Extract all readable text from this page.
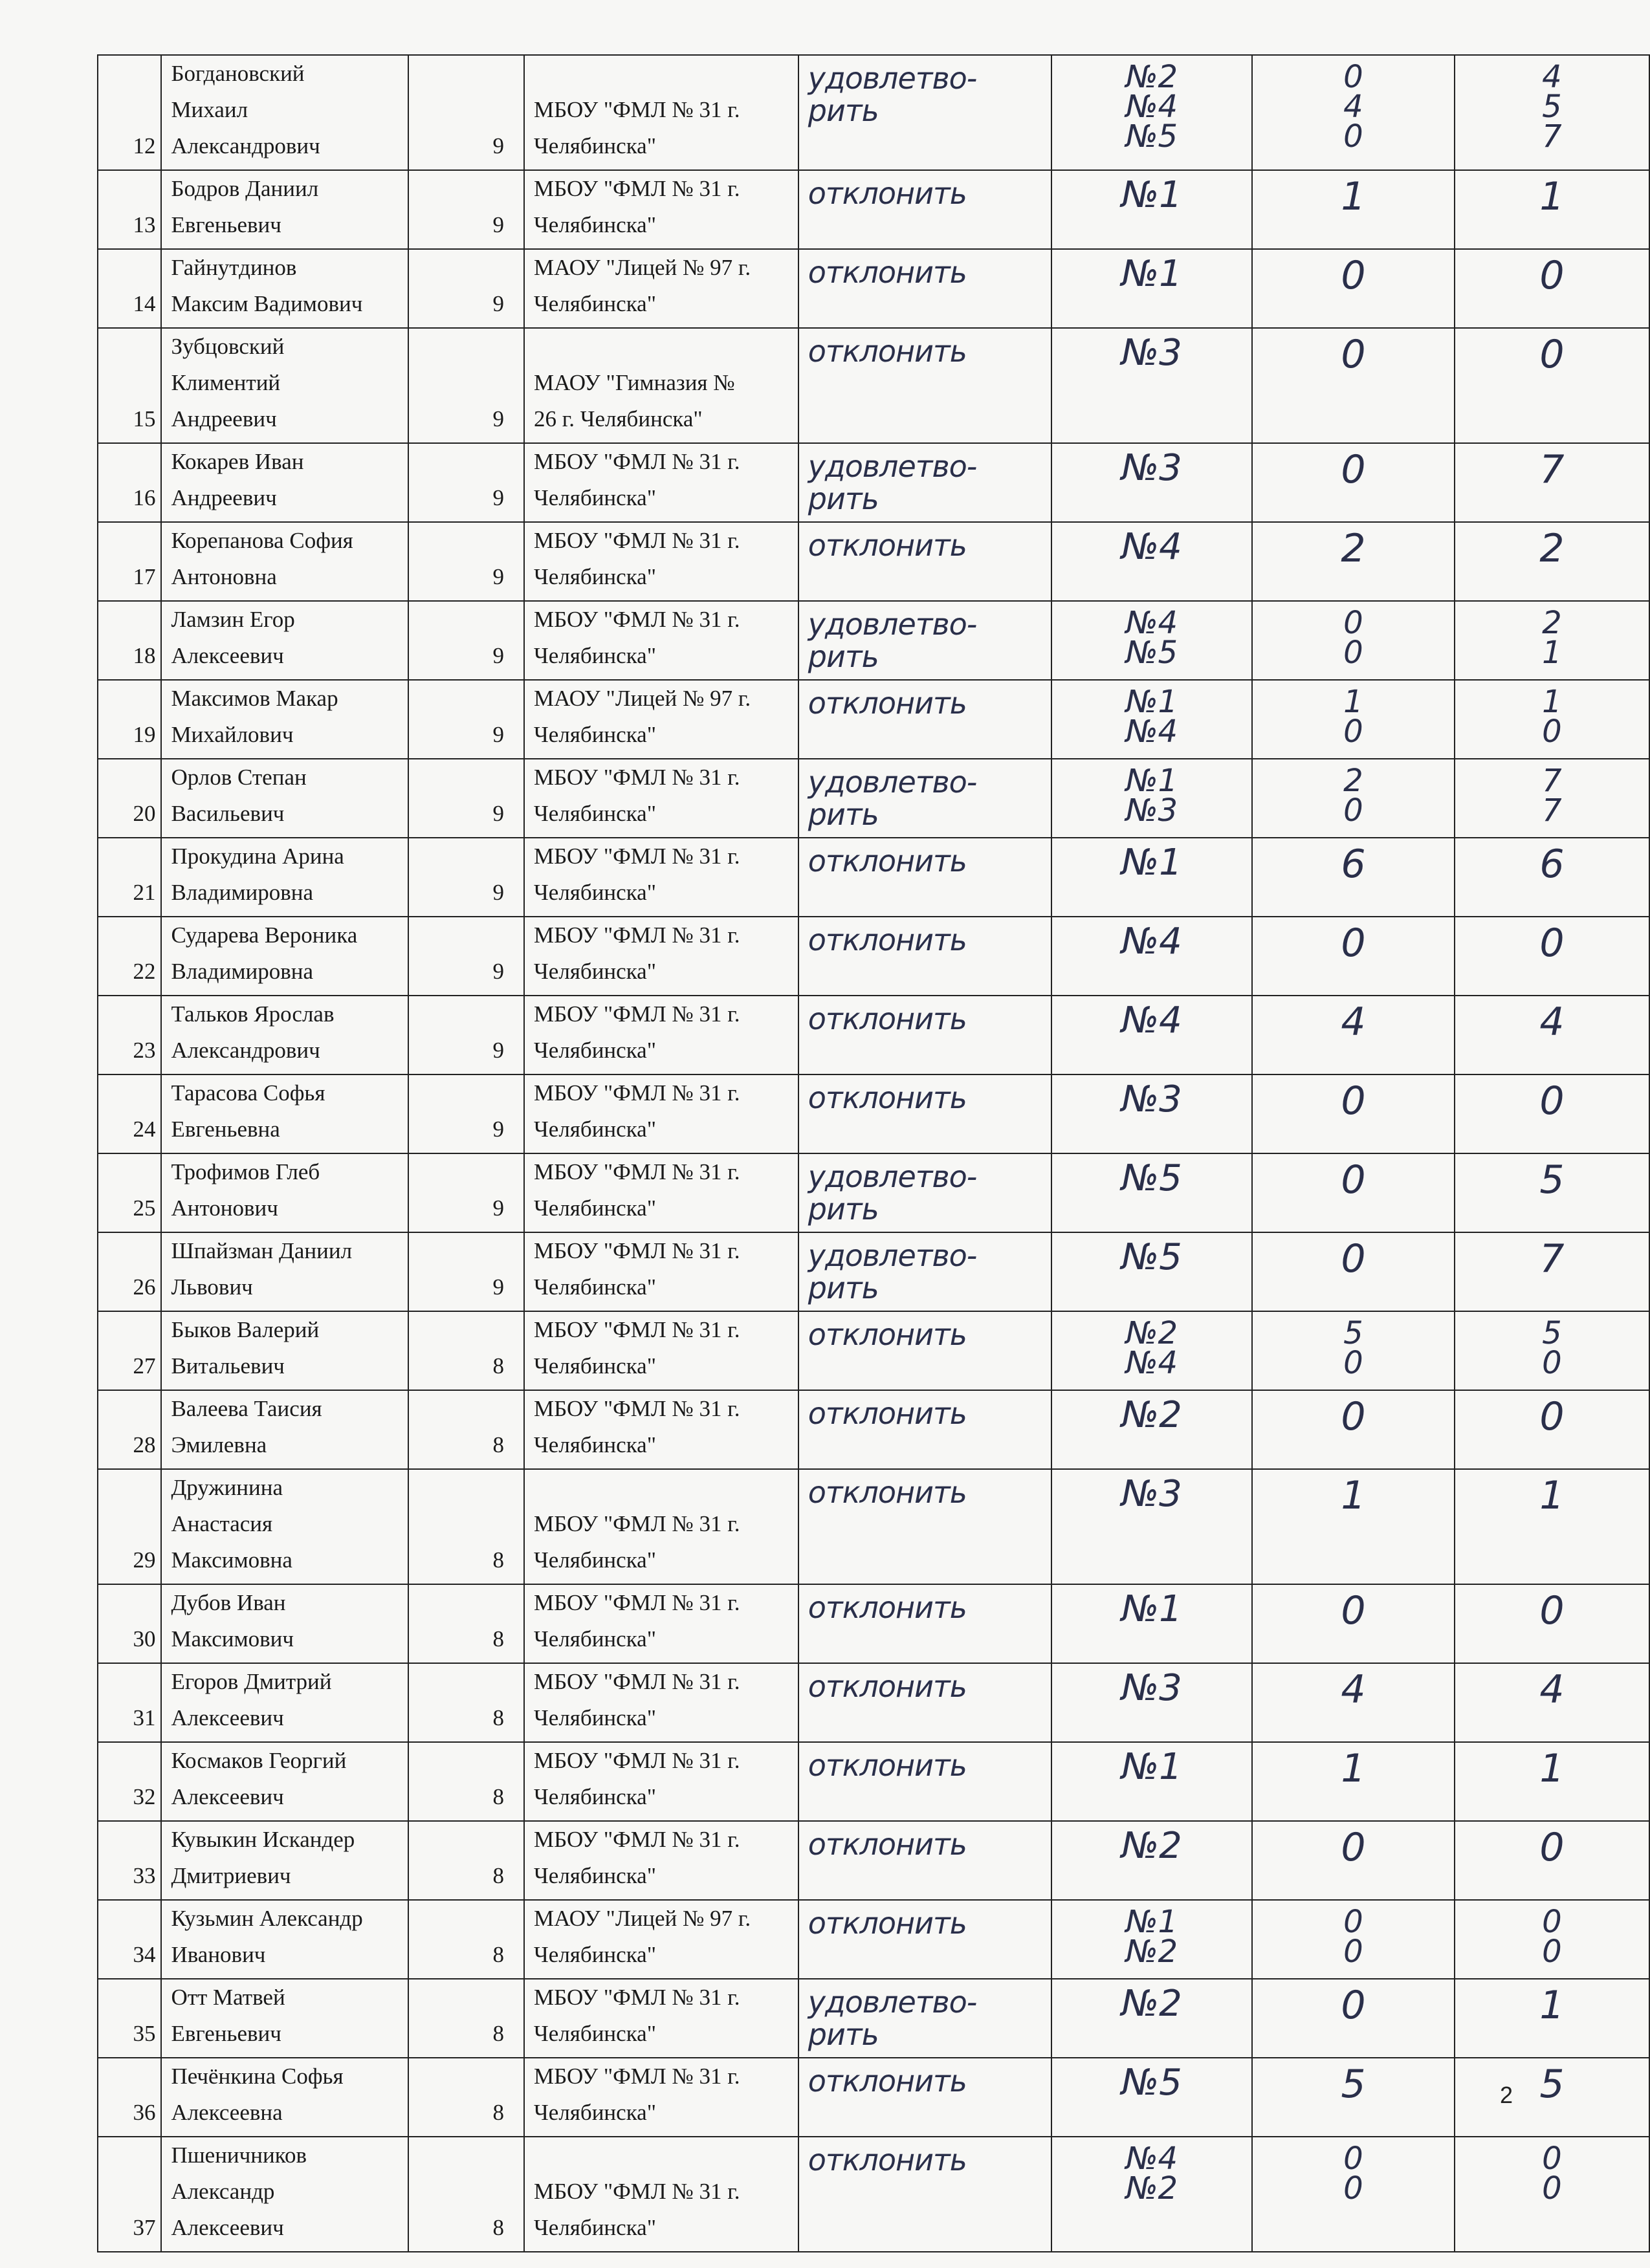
12	Богдановский
Михаил
Александрович	9	МБОУ "ФМЛ № 31 г.
Челябинска"	удовлетво-
рить	№2
№4
№5	0
4
0	4
5
7

13	Бодров Даниил
Евгеньевич	9	МБОУ "ФМЛ № 31 г.
Челябинска"	отклонить	№1	1	1

14	Гайнутдинов
Максим Вадимович	9	МАОУ "Лицей № 97 г.
Челябинска"	отклонить	№1	0	0

15	Зубцовский
Климентий
Андреевич	9	МАОУ "Гимназия №
26 г. Челябинска"	отклонить	№3	0	0

16	Кокарев Иван
Андреевич	9	МБОУ "ФМЛ № 31 г.
Челябинска"	удовлетво-
рить	№3	0	7

17	Корепанова София
Антоновна	9	МБОУ "ФМЛ № 31 г.
Челябинска"	отклонить	№4	2	2

18	Ламзин Егор
Алексеевич	9	МБОУ "ФМЛ № 31 г.
Челябинска"	удовлетво-
рить	№4
№5	0
0	2
1

19	Максимов Макар
Михайлович	9	МАОУ "Лицей № 97 г.
Челябинска"	отклонить	№1
№4	1
0	1
0

20	Орлов Степан
Васильевич	9	МБОУ "ФМЛ № 31 г.
Челябинска"	удовлетво-
рить	№1
№3	2
0	7
7

21	Прокудина Арина
Владимировна	9	МБОУ "ФМЛ № 31 г.
Челябинска"	отклонить	№1	6	6

22	Сударева Вероника
Владимировна	9	МБОУ "ФМЛ № 31 г.
Челябинска"	отклонить	№4	0	0

23	Тальков Ярослав
Александрович	9	МБОУ "ФМЛ № 31 г.
Челябинска"	отклонить	№4	4	4

24	Тарасова Софья
Евгеньевна	9	МБОУ "ФМЛ № 31 г.
Челябинска"	отклонить	№3	0	0

25	Трофимов Глеб
Антонович	9	МБОУ "ФМЛ № 31 г.
Челябинска"	удовлетво-
рить	№5	0	5

26	Шпайзман Даниил
Львович	9	МБОУ "ФМЛ № 31 г.
Челябинска"	удовлетво-
рить	№5	0	7

27	Быков Валерий
Витальевич	8	МБОУ "ФМЛ № 31 г.
Челябинска"	отклонить	№2
№4	5
0	5
0

28	Валеева Таисия
Эмилевна	8	МБОУ "ФМЛ № 31 г.
Челябинска"	отклонить	№2	0	0

29	Дружинина
Анастасия
Максимовна	8	МБОУ "ФМЛ № 31 г.
Челябинска"	отклонить	№3	1	1

30	Дубов Иван
Максимович	8	МБОУ "ФМЛ № 31 г.
Челябинска"	отклонить	№1	0	0

31	Егоров Дмитрий
Алексеевич	8	МБОУ "ФМЛ № 31 г.
Челябинска"	отклонить	№3	4	4

32	Космаков Георгий
Алексеевич	8	МБОУ "ФМЛ № 31 г.
Челябинска"	отклонить	№1	1	1

33	Кувыкин Искандер
Дмитриевич	8	МБОУ "ФМЛ № 31 г.
Челябинска"	отклонить	№2	0	0

34	Кузьмин Александр
Иванович	8	МАОУ "Лицей № 97 г.
Челябинска"	отклонить	№1
№2	0
0	0
0

35	Отт Матвей
Евгеньевич	8	МБОУ "ФМЛ № 31 г.
Челябинска"	удовлетво-
рить	№2	0	1

36	Печёнкина Софья
Алексеевна	8	МБОУ "ФМЛ № 31 г.
Челябинска"	отклонить	№5	5	5

37	Пшеничников
Александр
Алексеевич	8	МБОУ "ФМЛ № 31 г.
Челябинска"	отклонить	№4
№2	0
0	0
0
2
